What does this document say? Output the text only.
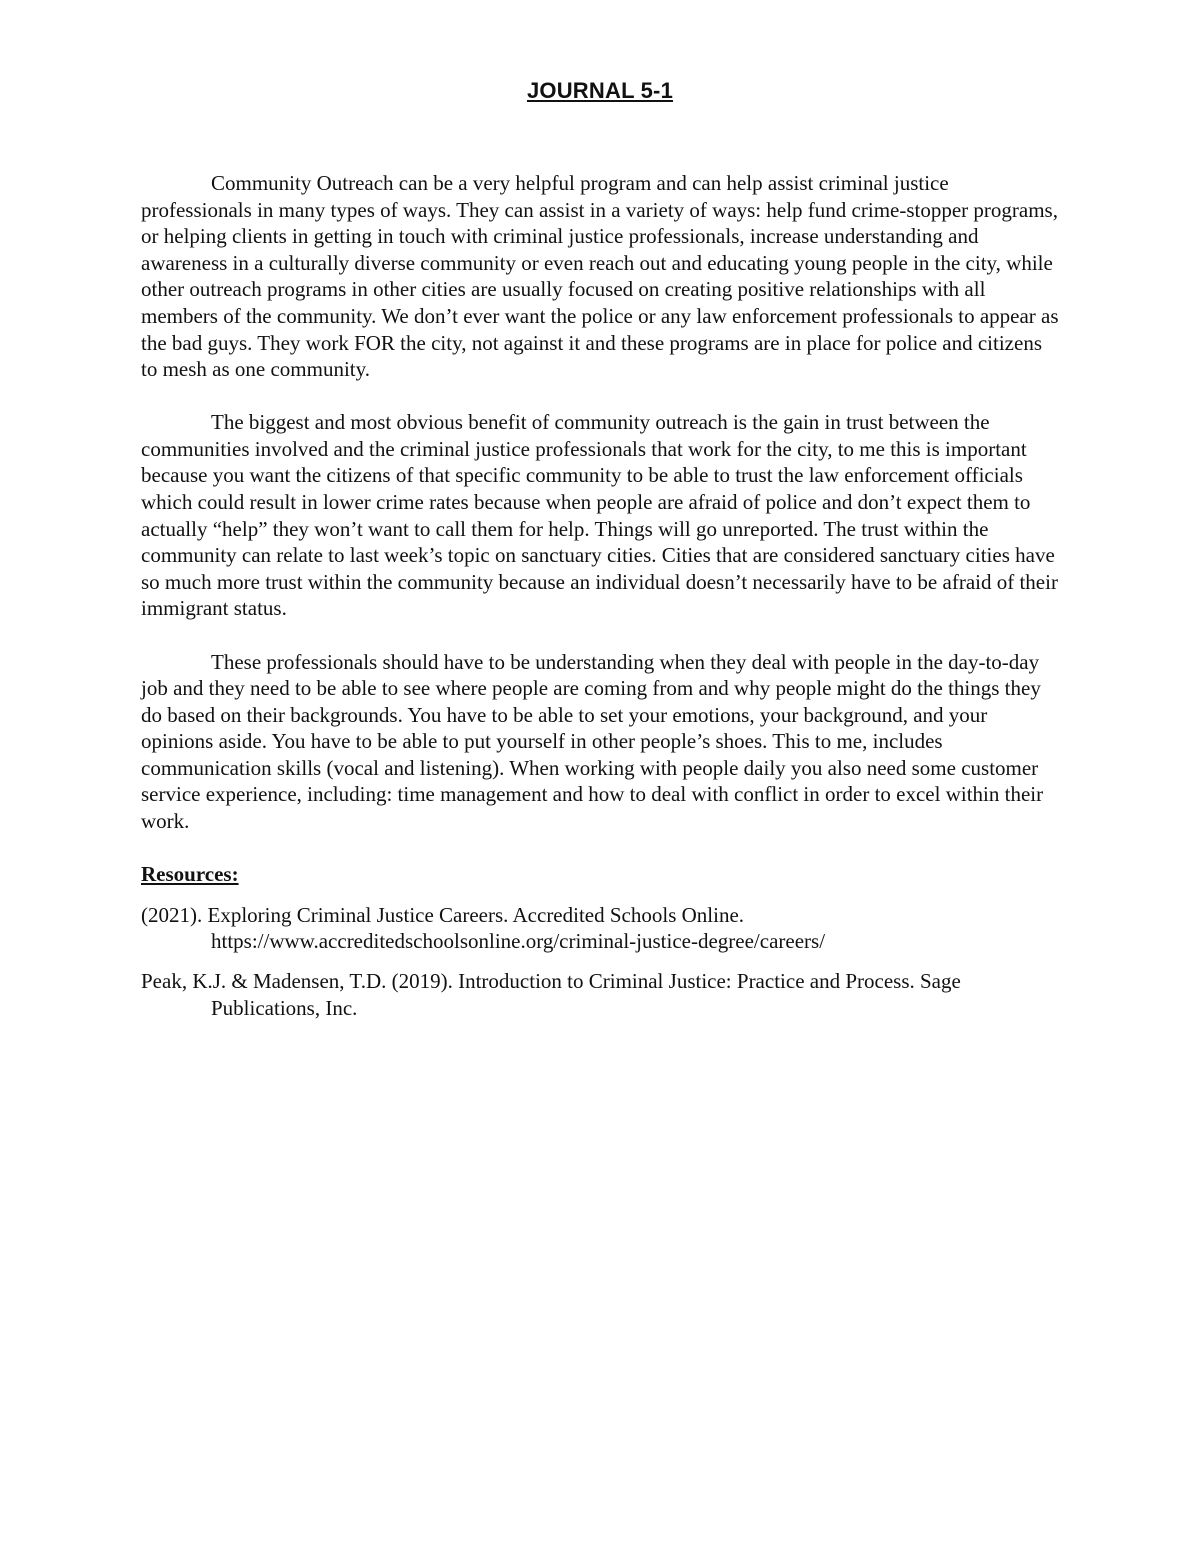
JOURNAL 5-1

Community Outreach can be a very helpful program and can help assist criminal justice professionals in many types of ways. They can assist in a variety of ways: help fund crime-stopper programs, or helping clients in getting in touch with criminal justice professionals, increase understanding and awareness in a culturally diverse community or even reach out and educating young people in the city, while other outreach programs in other cities are usually focused on creating positive relationships with all members of the community. We don’t ever want the police or any law enforcement professionals to appear as the bad guys. They work FOR the city, not against it and these programs are in place for police and citizens to mesh as one community.

The biggest and most obvious benefit of community outreach is the gain in trust between the communities involved and the criminal justice professionals that work for the city, to me this is important because you want the citizens of that specific community to be able to trust the law enforcement officials which could result in lower crime rates because when people are afraid of police and don’t expect them to actually “help” they won’t want to call them for help. Things will go unreported. The trust within the community can relate to last week’s topic on sanctuary cities. Cities that are considered sanctuary cities have so much more trust within the community because an individual doesn’t necessarily have to be afraid of their immigrant status.

These professionals should have to be understanding when they deal with people in the day-to-day job and they need to be able to see where people are coming from and why people might do the things they do based on their backgrounds. You have to be able to set your emotions, your background, and your opinions aside. You have to be able to put yourself in other people’s shoes. This to me, includes communication skills (vocal and listening). When working with people daily you also need some customer service experience, including: time management and how to deal with conflict in order to excel within their work.

Resources:

(2021). Exploring Criminal Justice Careers. Accredited Schools Online. https://www.accreditedschoolsonline.org/criminal-justice-degree/careers/

Peak, K.J. & Madensen, T.D. (2019). Introduction to Criminal Justice: Practice and Process. Sage Publications, Inc.
